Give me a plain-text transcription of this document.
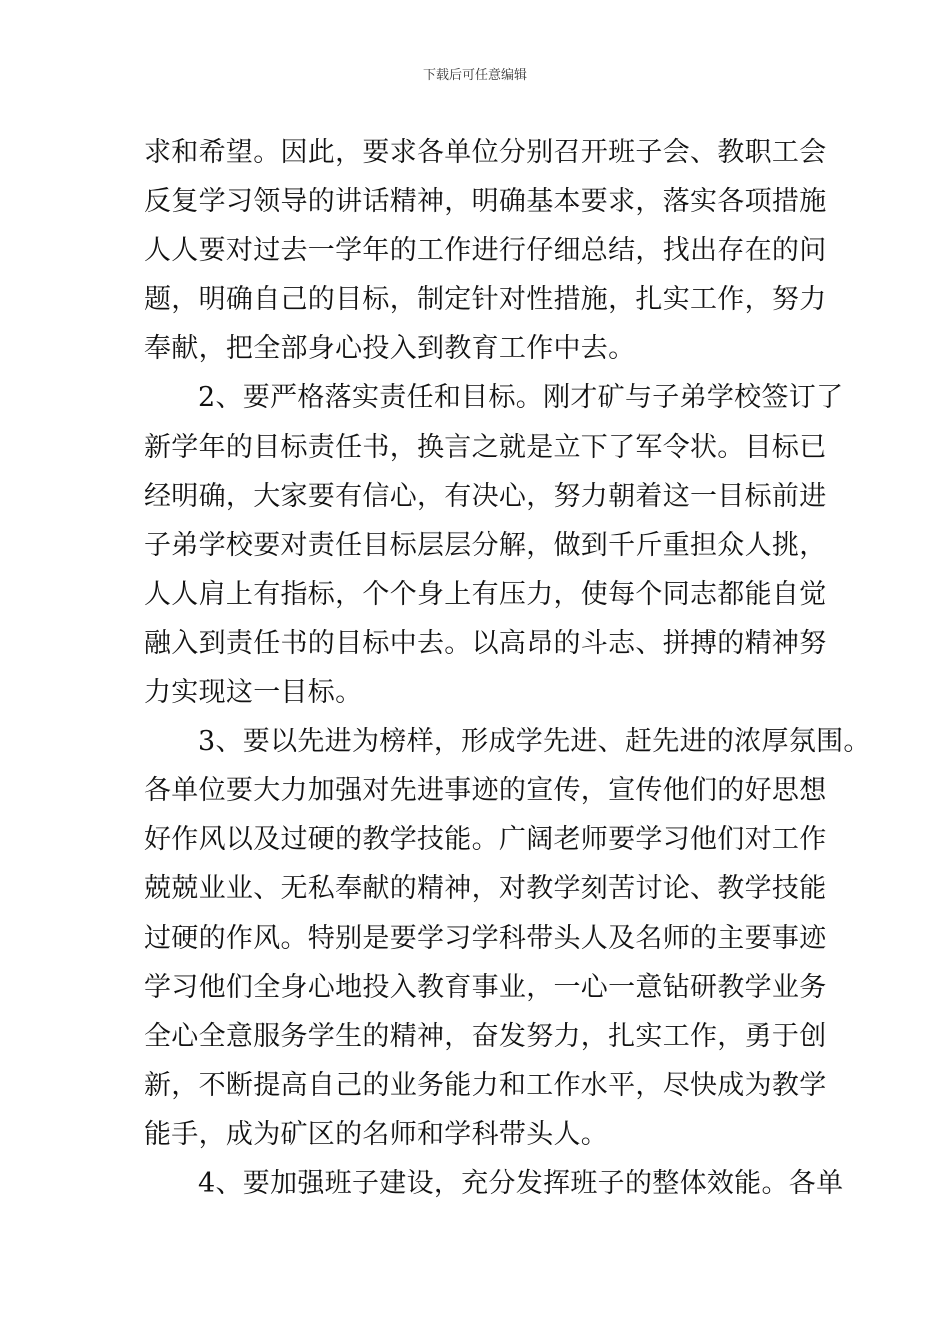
下载后可任意编辑
求和希望。因此，要求各单位分别召开班子会、教职工会
反复学习领导的讲话精神，明确基本要求，落实各项措施
人人要对过去一学年的工作进行仔细总结，找出存在的问
题，明确自己的目标，制定针对性措施，扎实工作，努力
奉献，把全部身心投入到教育工作中去。
2、要严格落实责任和目标。刚才矿与子弟学校签订了
新学年的目标责任书，换言之就是立下了军令状。目标已
经明确，大家要有信心，有决心，努力朝着这一目标前进
子弟学校要对责任目标层层分解，做到千斤重担众人挑，
人人肩上有指标，个个身上有压力，使每个同志都能自觉
融入到责任书的目标中去。以高昂的斗志、拼搏的精神努
力实现这一目标。
3、要以先进为榜样，形成学先进、赶先进的浓厚氛围。
各单位要大力加强对先进事迹的宣传，宣传他们的好思想
好作风以及过硬的教学技能。广阔老师要学习他们对工作
兢兢业业、无私奉献的精神，对教学刻苦讨论、教学技能
过硬的作风。特别是要学习学科带头人及名师的主要事迹
学习他们全身心地投入教育事业，一心一意钻研教学业务
全心全意服务学生的精神，奋发努力，扎实工作，勇于创
新，不断提高自己的业务能力和工作水平，尽快成为教学
能手，成为矿区的名师和学科带头人。
4、要加强班子建设，充分发挥班子的整体效能。各单
